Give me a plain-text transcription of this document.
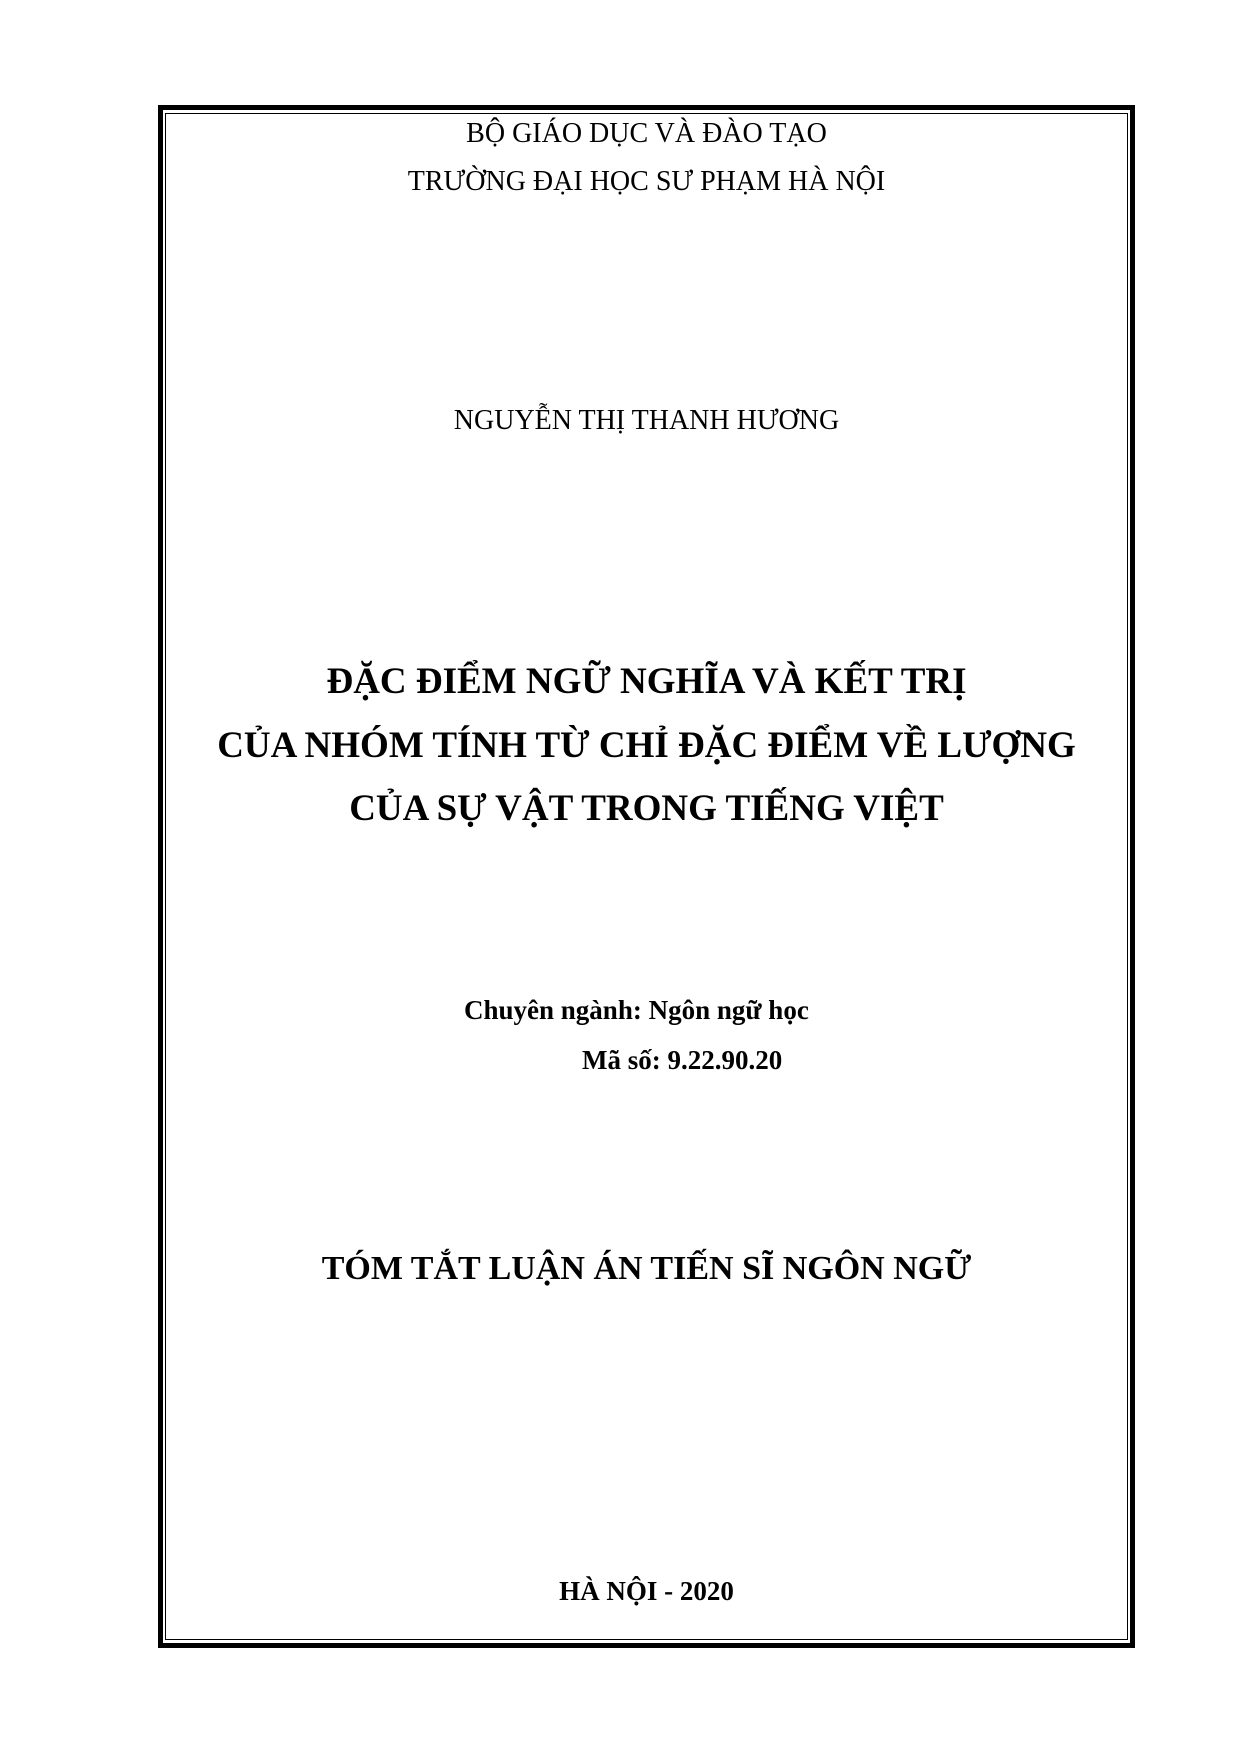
BỘ GIÁO DỤC VÀ ĐÀO TẠO
TRƯỜNG ĐẠI HỌC SƯ PHẠM HÀ NỘI
NGUYỄN THỊ THANH HƯƠNG
ĐẶC ĐIỂM NGỮ NGHĨA VÀ KẾT TRỊ
CỦA NHÓM TÍNH TỪ CHỈ ĐẶC ĐIỂM VỀ LƯỢNG
CỦA SỰ VẬT TRONG TIẾNG VIỆT
Chuyên ngành: Ngôn ngữ học
Mã số: 9.22.90.20
TÓM TẮT LUẬN ÁN TIẾN SĨ NGÔN NGỮ
HÀ NỘI - 2020
